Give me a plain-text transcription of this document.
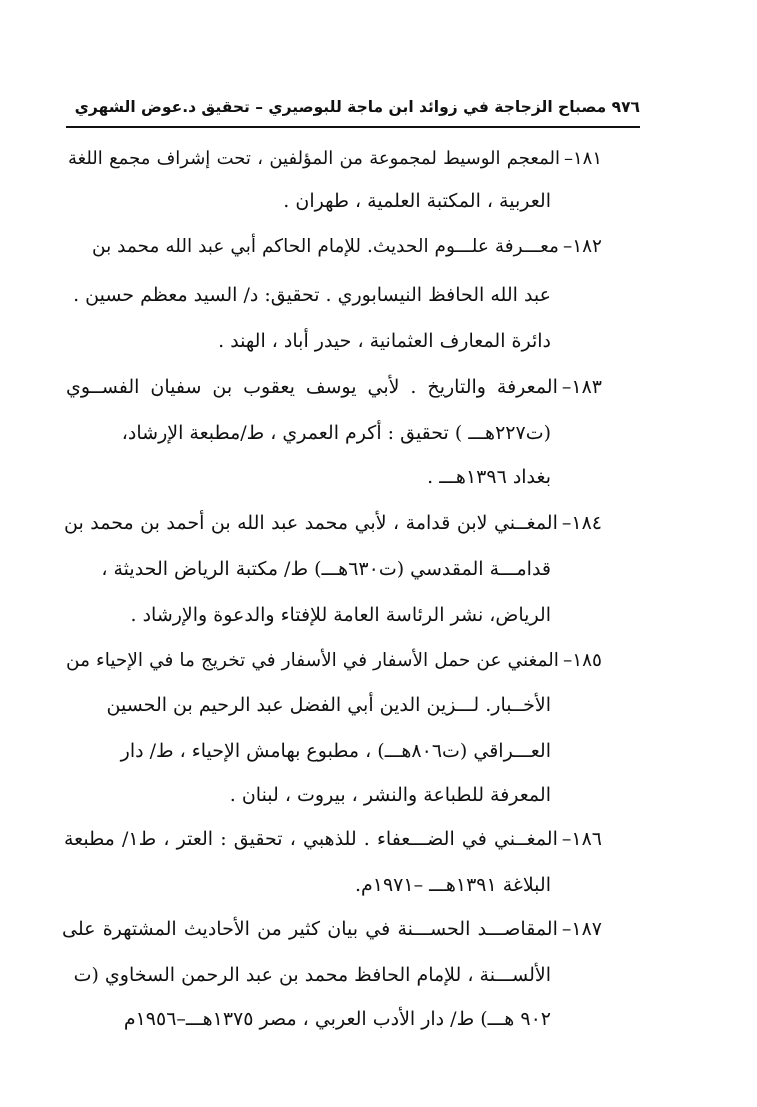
٩٧٦ مصباح الزجاجة في زوائد ابن ماجة للبوصيري – تحقيق د.عوض الشهري
١٨١–المعجم الوسيط لمجموعة من المؤلفين ، تحت إشراف مجمع اللغة
العربية ، المكتبة العلمية ، طهران .
١٨٢–معـــرفة علـــوم الحديث. للإمام الحاكم أبي عبد الله محمد بن
عبد الله الحافظ النيسابوري . تحقيق: د/ السيد معظم حسين .
دائرة المعارف العثمانية ، حيدر أباد ، الهند .
١٨٣–المعرفة والتاريخ . لأبي يوسف يعقوب بن سفيان الفســوي
(ت٢٢٧هـــ ) تحقيق : أكرم العمري ، ط/مطبعة الإرشاد،
بغداد ١٣٩٦هـــ .
١٨٤–المغــني لابن قدامة ، لأبي محمد عبد الله بن أحمد بن محمد بن
قدامـــة المقدسي (ت٦٣٠هـــ) ط/ مكتبة الرياض الحديثة ،
الرياض، نشر الرئاسة العامة للإفتاء والدعوة والإرشاد .
١٨٥–المغني عن حمل الأسفار في الأسفار في تخريج ما في الإحياء من
الأخــبار. لـــزين الدين أبي الفضل عبد الرحيم بن الحسين
العـــراقي (ت٨٠٦هـــ) ، مطبوع بهامش الإحياء ، ط/ دار
المعرفة للطباعة والنشر ، بيروت ، لبنان .
١٨٦–المغــني في الضـــعفاء . للذهبي ، تحقيق : العتر ، ط١/ مطبعة
البلاغة ١٣٩١هـــ –١٩٧١م.
١٨٧–المقاصـــد الحســـنة في بيان كثير من الأحاديث المشتهرة على
الألســـنة ، للإمام الحافظ محمد بن عبد الرحمن السخاوي (ت
٩٠٢ هـــ) ط/ دار الأدب العربي ، مصر ١٣٧٥هـــ–١٩٥٦م
